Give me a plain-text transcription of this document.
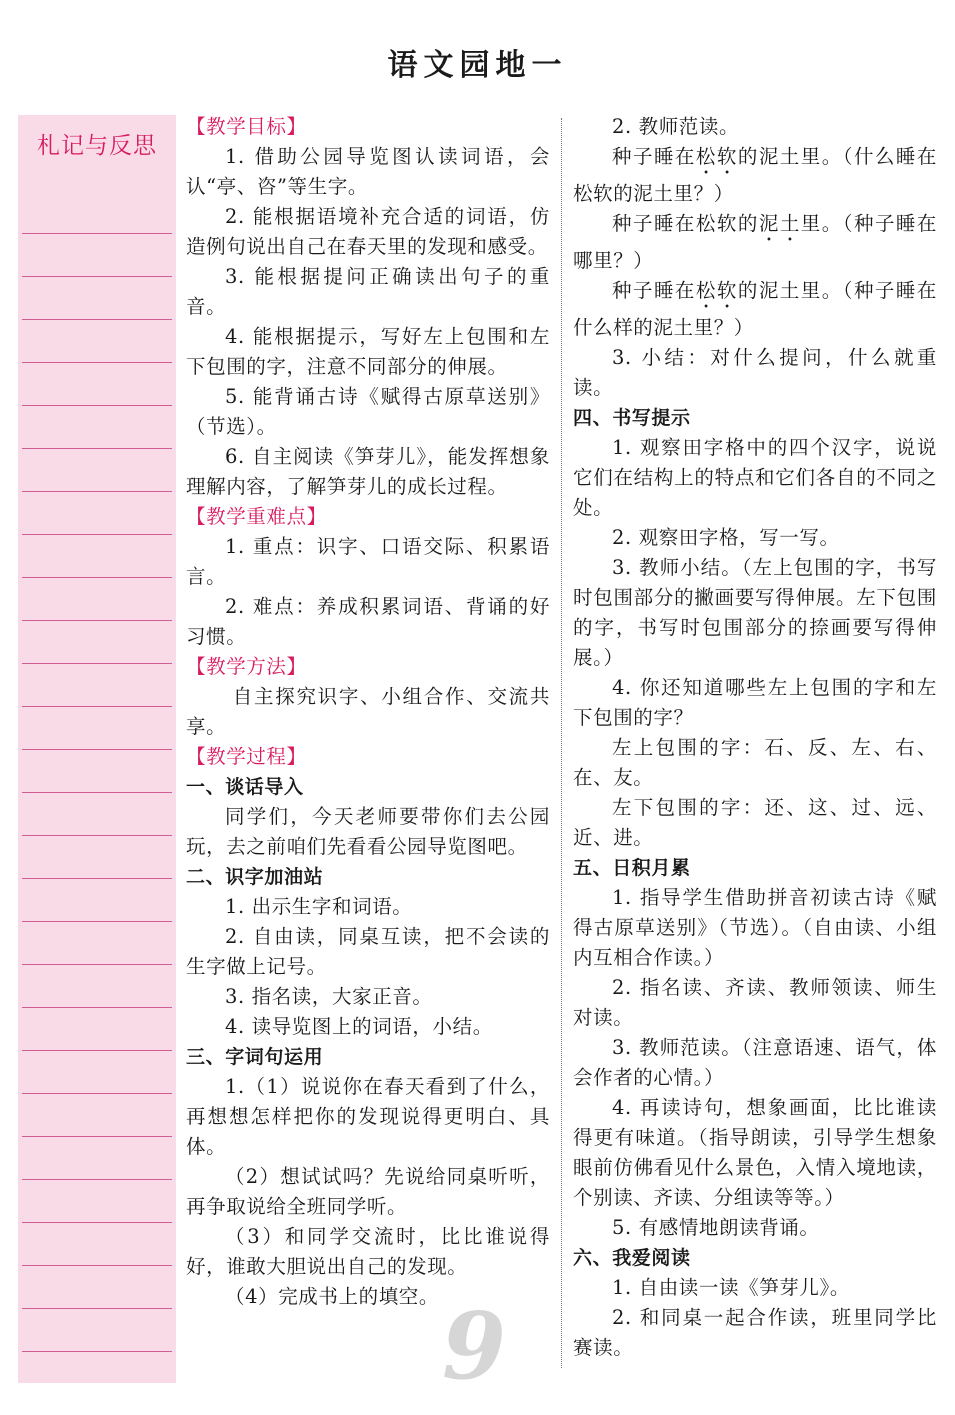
语文园地一
札记与反思

【教学目标】

1. 借助公园导览图认读词语，会认“亭、咨”等生字。

2. 能根据语境补充合适的词语，仿造例句说出自己在春天里的发现和感受。

3. 能根据提问正确读出句子的重音。

4. 能根据提示，写好左上包围和左下包围的字，注意不同部分的伸展。

5. 能背诵古诗《赋得古原草送别》（节选）。

6. 自主阅读《笋芽儿》，能发挥想象理解内容，了解笋芽儿的成长过程。

【教学重难点】

1. 重点：识字、口语交际、积累语言。

2. 难点：养成积累词语、背诵的好习惯。

【教学方法】

自主探究识字、小组合作、交流共享。

【教学过程】

一、谈话导入

同学们，今天老师要带你们去公园玩，去之前咱们先看看公园导览图吧。

二、识字加油站

1. 出示生字和词语。

2. 自由读，同桌互读，把不会读的生字做上记号。

3. 指名读，大家正音。

4. 读导览图上的词语，小结。

三、字词句运用

1.（1）说说你在春天看到了什么，再想想怎样把你的发现说得更明白、具体。

（2）想试试吗？先说给同桌听听，再争取说给全班同学听。

（3）和同学交流时，比比谁说得好，谁敢大胆说出自己的发现。

（4）完成书上的填空。

2. 教师范读。

种子睡在松软的泥土里。（什么睡在松软的泥土里？）

种子睡在松软的泥土里。（种子睡在哪里？）

种子睡在松软的泥土里。（种子睡在什么样的泥土里？）

3. 小结：对什么提问，什么就重读。

四、书写提示

1. 观察田字格中的四个汉字，说说它们在结构上的特点和它们各自的不同之处。

2. 观察田字格，写一写。

3. 教师小结。（左上包围的字，书写时包围部分的撇画要写得伸展。左下包围的字，书写时包围部分的捺画要写得伸展。）

4. 你还知道哪些左上包围的字和左下包围的字？

左上包围的字：石、反、左、右、在、友。

左下包围的字：还、这、过、远、近、进。

五、日积月累

1. 指导学生借助拼音初读古诗《赋得古原草送别》（节选）。（自由读、小组内互相合作读。）

2. 指名读、齐读、教师领读、师生对读。

3. 教师范读。（注意语速、语气，体会作者的心情。）

4. 再读诗句，想象画面，比比谁读得更有味道。（指导朗读，引导学生想象眼前仿佛看见什么景色，入情入境地读，个别读、齐读、分组读等等。）

5. 有感情地朗读背诵。

六、我爱阅读

1. 自由读一读《笋芽儿》。

2. 和同桌一起合作读，班里同学比赛读。

9
